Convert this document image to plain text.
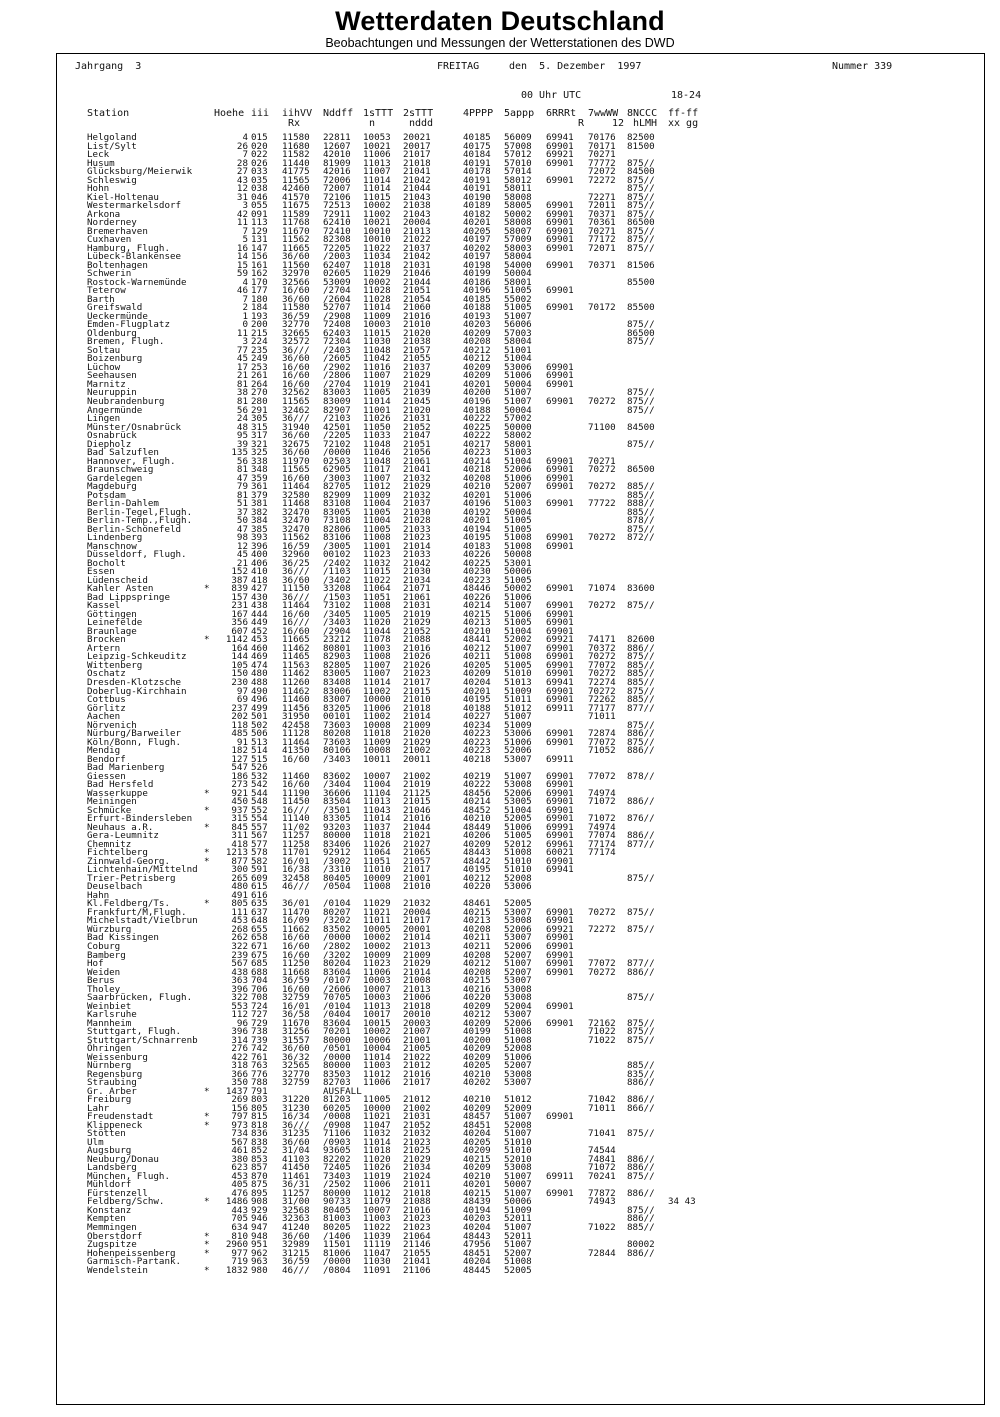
Wetterdaten Deutschland
Beobachtungen und Messungen der Wetterstationen des DWD
Jahrgang  3	FREITAG	den  5. Dezember  1997	Nummer 339
00 Uhr UTC	18-24
Station	Hoehe iii iihVV
Rx
Nddff 1sTTT
n
2sTTT
nddd
4PPPP 5appp 6RRRt
R
7wwWW
12
8NCCC
hLMH
ff-ff
xx gg
Helgoland	4 015 11580 22811 10053 20021	40185 56009 69941 70176 82500
List/Sylt	26 020 11680 12607 10021 20017	40175 57008 69901 70171 81500
Leck	7 022 11582 42010 11006 21017	40184 57012 69921 70271
Husum	28 026 11440 81909 11013 21018	40191 57010 69901 77772 875//
Glücksburg/Meierwik	27 033 41775 42016 11007 21041	40178 57014	72072 84500
Schleswig	43 035 11565 72006 11014 21042	40191 58012 69901 72272 875//
Hohn	12 038 42460 72007 11014 21044	40191 58011	875//
Kiel-Holtenau	31 046 41570 72106 11015 21043	40190 58008	72271 875//
Westermarkelsdorf	3 055 11675 72513 10002 21038	40189 58005 69901 72011 875//
Arkona	42 091 11589 72911 11002 21043	40182 50002 69901 70371 875//
Norderney	11 113 11768 62410 10021 20004	40201 58008 69901 70361 86500
Bremerhaven	7 129 11670 72410 10010 21013	40205 58007 69901 70271 875//
Cuxhaven	5 131 11562 82308 10010 21022	40197 57009 69901 77172 875//
Hamburg, Flugh.	16 147 11665 72205 11022 21037	40202 58003 69901 72071 875//
Lübeck-Blankensee	14 156 36/60 /2003 11034 21042	40197 58004
Boltenhagen	15 161 11560 62407 11018 21031	40198 54000 69901 70371 81506
Schwerin	59 162 32970 02605 11029 21046	40199 50004
Rostock-Warnemünde	4 170 32566 53009 10002 21044	40186 58001	85500
Teterow	46 177 16/60 /2704 11028 21051	40196 51005 69901
Barth	7 180 36/60 /2604 11028 21054	40185 55002
Greifswald	2 184 11580 52707 11014 21060	40188 51005 69901 70172 85500
Ueckermünde	1 193 36/59 /2908 11009 21016	40193 51007
Emden-Flugplatz	0 200 32770 72408 10003 21010	40203 56006	875//
Oldenburg	11 215 32665 62403 11015 21020	40209 57003	86500
Bremen, Flugh.	3 224 32572 72304 11030 21038	40208 58004	875//
Soltau	77 235 36/// /2403 11048 21057	40212 51001
Boizenburg	45 249 36/60 /2605 11042 21055	40212 51004
Lüchow	17 253 16/60 /2902 11016 21037	40209 53006 69901
Seehausen	21 261 16/60 /2806 11007 21029	40209 51006 69901
Marnitz	81 264 16/60 /2704 11019 21041	40201 50004 69901
Neuruppin	38 270 32562 83003 11005 21039	40200 51007	875//
Neubrandenburg	81 280 11565 83009 11014 21045	40196 51007 69901 70272 875//
Angermünde	56 291 32462 82907 11001 21020	40188 50004	875//
Lingen	24 305 36/// /2103 11026 21031	40222 57002
Münster/Osnabrück	48 315 31940 42501 11050 21052	40225 50000	71100 84500
Osnabrück	95 317 36/60 /2205 11033 21047	40222 58002
Diepholz	39 321 32675 72102 11048 21051	40217 58001	875//
Bad Salzuflen	135 325 36/60 /0000 11046 21056	40223 51003
Hannover, Flugh.	56 338 11970 02503 11048 21061	40214 51004 69901 70271
Braunschweig	81 348 11565 62905 11017 21041	40218 52006 69901 70272 86500
Gardelegen	47 359 16/60 /3003 11007 21032	40208 51006 69901
Magdeburg	79 361 11464 82705 11012 21029	40210 52007 69901 70272 885//
Potsdam	81 379 32580 82909 11009 21032	40201 51006	885//
Berlin-Dahlem	51 381 11468 83108 11004 21037	40196 51003 69901 77722 888//
Berlin-Tegel,Flugh.	37 382 32470 83005 11005 21030	40192 50004	885//
Berlin-Temp.,Flugh.	50 384 32470 73108 11004 21028	40201 51005	878//
Berlin-Schönefeld	47 385 32470 82806 11005 21033	40194 51005	875//
Lindenberg	98 393 11562 83106 11008 21023	40195 51008 69901 70272 872//
Manschnow	12 396 16/59 /3005 11001 21014	40183 51008 69901
Düsseldorf, Flugh.	45 400 32960 00102 11023 21033	40226 50008
Bocholt	21 406 36/25 /2402 11032 21042	40225 53001
Essen	152 410 36/// /1103 11015 21030	40230 50006
Lüdenscheid	387 418 36/60 /3402 11022 21034	40223 51005
Kahler Asten	*	839 427 11150 33208 11064 21071	48446 50002 69901 71074 83600
Bad Lippspringe	157 430 36/// /1503 11051 21061	40226 51006
Kassel	231 438 11464 73102 11008 21031	40214 51007 69901 70272 875//
Göttingen	167 444 16/60 /3405 11005 21019	40215 51006 69901
Leinefelde	356 449 16/// /3403 11020 21029	40213 51005 69901
Braunlage	607 452 16/60 /2904 11044 21052	40210 51004 69901
Brocken	*	1142 453 11665 23212 11078 21088	48441 52002 69921 74171 82600
Artern	164 460 11462 80801 11003 21016	40212 51007 69901 70372 886//
Leipzig-Schkeuditz	144 469 11465 82903 11008 21026	40211 51008 69901 70272 875//
Wittenberg	105 474 11563 82805 11007 21026	40205 51005 69901 77072 885//
Oschatz	150 480 11462 83005 11007 21023	40209 51010 69901 70272 885//
Dresden-Klotzsche	230 488 11260 83408 11014 21017	40204 51013 69941 72274 885//
Doberlug-Kirchhain	97 490 11462 83006 11002 21015	40201 51009 69901 70272 875//
Cottbus	69 496 11460 83007 10000 21010	40195 51011 69901 72262 885//
Görlitz	237 499 11456 83205 11006 21018	40188 51012 69911 77177 877//
Aachen	202 501 31950 00101 11002 21014	40227 51007	71011
Nörvenich	118 502 42458 73603 10008 21009	40234 51009	875//
Nürburg/Barweiler	485 506 11128 80208 11018 21020	40223 53006 69901 72874 886//
Köln/Bonn, Flugh.	91 513 11464 73603 11009 21029	40223 51006 69901 77072 875//
Mendig	182 514 41350 80106 10008 21002	40223 52006	71052 886//
Bendorf	127 515 16/60 /3403 10011 20011	40218 53007 69911
Bad Marienberg	547 526
Giessen	186 532 11460 83602 10007 21002	40219 51007 69901 77072 878//
Bad Hersfeld	273 542 16/60 /3404 11004 21019	40222 53008 69901
Wasserkuppe	*	921 544 11190 36606 11104 21125	48456 52006 69901 74974
Meiningen	450 548 11450 83504 11013 21015	40214 53005 69901 71072 886//
Schmücke	*	937 552 16/// /3501 11043 21046	48452 51004 69901
Erfurt-Bindersleben	315 554 11140 83305 11014 21016	40210 52005 69901 71072 876//
Neuhaus a.R.	*	845 557 11/02 93203 11037 21044	48449 51006 69991 74974
Gera-Leumnitz	311 567 11257 80000 11018 21021	40206 51005 69901 77074 886//
Chemnitz	418 577 11258 83406 11026 21027	40209 52012 69961 77174 877//
Fichtelberg	*	1213 578 11701 92912 11064 21065	48443 51008 60021 77174
Zinnwald-Georg.	*	877 582 16/01 /3002 11051 21057	48442 51010 69901
Lichtenhain/Mittelnd	300 591 16/38 /3310 11010 21017	40195 51010 69941
Trier-Petrisberg	265 609 32458 80405 10009 21001	40212 52008	875//
Deuselbach	480 615 46/// /0504 11008 21010	40220 53006
Hahn	491 616
Kl.Feldberg/Ts.	*	805 635 36/01 /0104 11029 21032	48461 52005
Frankfurt/M,Flugh.	111 637 11470 80207 11021 20004	40215 53007 69901 70272 875//
Michelstadt/Vielbrun	453 648 16/09 /3202 11011 21017	40213 53008 69901
Würzburg	268 655 11662 83502 10005 20001	40208 52006 69921 72272 875//
Bad Kissingen	262 658 16/60 /0000 10002 21014	40211 53007 69901
Coburg	322 671 16/60 /2802 10002 21013	40211 52006 69901
Bamberg	239 675 16/60 /3202 10009 21009	40208 52007 69901
Hof	567 685 11250 80204 11023 21029	40212 51007 69901 77072 877//
Weiden	438 688 11668 83604 11006 21014	40208 52007 69901 70272 886//
Berus	363 704 36/59 /0107 10003 21008	40215 53007
Tholey	396 706 16/60 /2606 10007 21013	40216 53008
Saarbrücken, Flugh.	322 708 32759 70705 10003 21006	40220 53008	875//
Weinbiet	553 724 16/01 /0104 11013 21018	40209 52004 69901
Karlsruhe	112 727 36/58 /0404 10017 20010	40212 53007
Mannheim	96 729 11670 83604 10015 20003	40209 52006 69901 72162 875//
Stuttgart, Flugh.	396 738 31256 70201 10002 21007	40199 51008	71022 875//
Stuttgart/Schnarrenb	314 739 31557 80000 10006 21001	40200 51008	71022 875//
Öhringen	276 742 36/60 /0501 10004 21005	40209 52008
Weissenburg	422 761 36/32 /0000 11014 21022	40209 51006
Nürnberg	318 763 32565 80000 11003 21012	40205 52007	885//
Regensburg	366 776 32770 83503 11012 21016	40210 53008	835//
Straubing	350 788 32759 82703 11006 21017	40202 53007	886//
Gr. Arber	*	1437 791	AUSFALL
Freiburg	269 803 31220 81203 11005 21012	40210 51012	71042 886//
Lahr	156 805 31230 60205 10000 21002	40209 52009	71011 866//
Freudenstadt	*	797 815 16/34 /0008 11021 21031	48457 51007 69901
Klippeneck	*	973 818 36/// /0908 11047 21052	48451 52008
Stötten	734 836 31235 71106 11032 21032	40204 51007	71041 875//
Ulm	567 838 36/60 /0903 11014 21023	40205 51010
Augsburg	461 852 31/04 93605 11018 21025	40209 51010	74544
Neuburg/Donau	380 853 41103 82202 11020 21029	40215 52010	74841 886//
Landsberg	623 857 41450 72405 11026 21034	40209 53008	71072 886//
München, Flugh.	453 870 11461 73403 11019 21024	40210 51007 69911 70241 875//
Mühldorf	405 875 36/31 /2502 11006 21011	40201 50007
Fürstenzell	476 895 11257 80000 11012 21018	40215 51007 69901 77872 886//
Feldberg/Schw.	*	1486 908 31/00 90733 11079 21088	48439 50006	74943	34 43
Konstanz	443 929 32568 80405 10007 21016	40194 51009	875//
Kempten	705 946 32363 81003 11003 21023	40203 52011	886//
Memmingen	634 947 41240 80205 11022 21023	40204 51007	71022 885//
Oberstdorf	*	810 948 36/60 /1406 11039 21064	48443 52011
Zugspitze	*	2960 951 32989 11501 11119 21146	47956 51007	80002
Hohenpeissenberg	*	977 962 31215 81006 11047 21055	48451 52007	72844 886//
Garmisch-Partank.	719 963 36/59 /0000 11030 21041	40204 51008
Wendelstein	*	1832 980 46/// /0804 11091 21106	48445 52005
